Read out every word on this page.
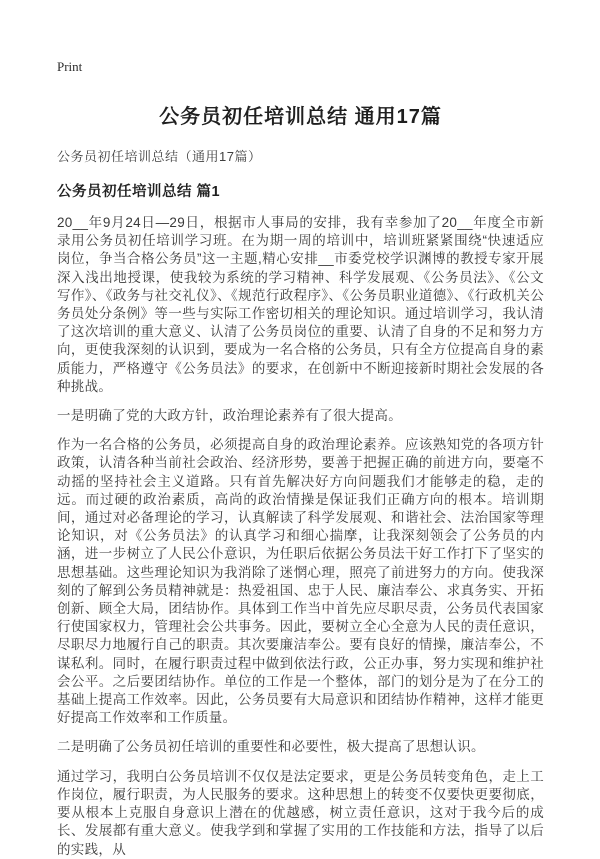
Print
公务员初任培训总结 通用17篇
公务员初任培训总结（通用17篇）
公务员初任培训总结 篇1

20__年9月24日—29日，根据市人事局的安排，我有幸参加了20__年度全市新录用公务员初任培训学习班。在为期一周的培训中，培训班紧紧围绕“快速适应岗位，争当合格公务员”这一主题,精心安排__市委党校学识渊博的教授专家开展深入浅出地授课，使我较为系统的学习精神、科学发展观、《公务员法》、《公文写作》、《政务与社交礼仪》、《规范行政程序》、《公务员职业道德》、《行政机关公务员处分条例》等一些与实际工作密切相关的理论知识。通过培训学习，我认清了这次培训的重大意义、认清了公务员岗位的重要、认清了自身的不足和努力方向，更使我深刻的认识到，要成为一名合格的公务员，只有全方位提高自身的素质能力，严格遵守《公务员法》的要求，在创新中不断迎接新时期社会发展的各种挑战。

一是明确了党的大政方针，政治理论素养有了很大提高。

作为一名合格的公务员，必须提高自身的政治理论素养。应该熟知党的各项方针政策，认清各种当前社会政治、经济形势，要善于把握正确的前进方向，要毫不动摇的坚持社会主义道路。只有首先解决好方向问题我们才能够走的稳，走的远。而过硬的政治素质，高尚的政治情操是保证我们正确方向的根本。培训期间，通过对必备理论的学习，认真解读了科学发展观、和谐社会、法治国家等理论知识，对《公务员法》的认真学习和细心揣摩，让我深刻领会了公务员的内涵，进一步树立了人民公仆意识，为任职后依据公务员法干好工作打下了坚实的思想基础。这些理论知识为我消除了迷惘心理，照亮了前进努力的方向。使我深刻的了解到公务员精神就是：热爱祖国、忠于人民、廉洁奉公、求真务实、开拓创新、顾全大局，团结协作。具体到工作当中首先应尽职尽责，公务员代表国家行使国家权力，管理社会公共事务。因此，要树立全心全意为人民的责任意识，尽职尽力地履行自己的职责。其次要廉洁奉公。要有良好的情操，廉洁奉公，不谋私利。同时，在履行职责过程中做到依法行政，公正办事，努力实现和维护社会公平。之后要团结协作。单位的工作是一个整体，部门的划分是为了在分工的基础上提高工作效率。因此，公务员要有大局意识和团结协作精神，这样才能更好提高工作效率和工作质量。

二是明确了公务员初任培训的重要性和必要性，极大提高了思想认识。

通过学习，我明白公务员培训不仅仅是法定要求，更是公务员转变角色，走上工作岗位，履行职责，为人民服务的要求。这种思想上的转变不仅要快更要彻底，要从根本上克服自身意识上潜在的优越感，树立责任意识，这对于我今后的成长、发展都有重大意义。使我学到和掌握了实用的工作技能和方法，指导了以后的实践，从
